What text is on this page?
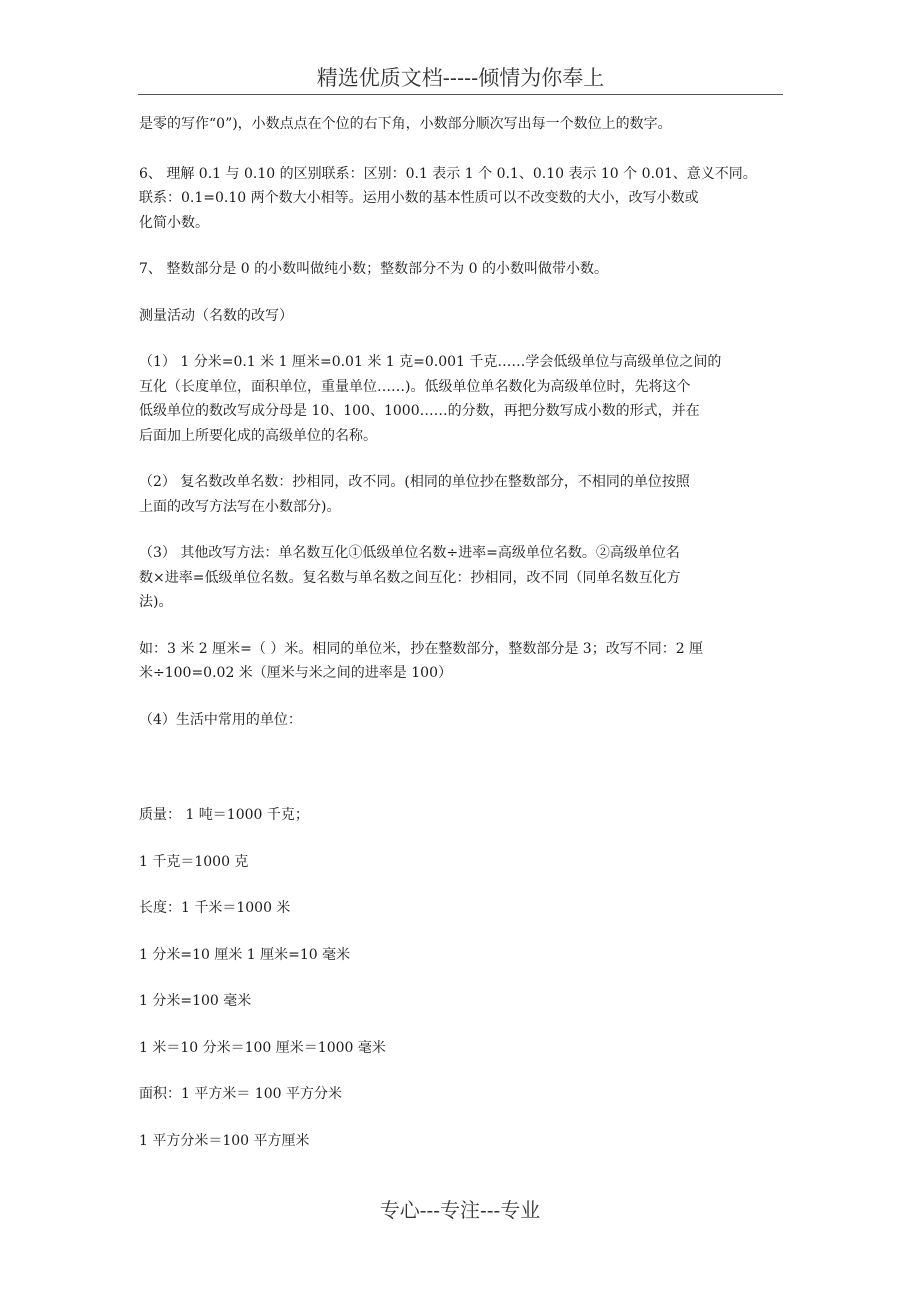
精选优质文档-----倾情为你奉上

是零的写作“0”)，小数点点在个位的右下角，小数部分顺次写出每一个数位上的数字。

6、 理解 0.1 与 0.10 的区别联系：区别：0.1 表示 1 个 0.1、0.10 表示 10 个 0.01、意义不同。

联系：0.1=0.10 两个数大小相等。运用小数的基本性质可以不改变数的大小，改写小数或

化简小数。

7、 整数部分是 0 的小数叫做纯小数；整数部分不为 0 的小数叫做带小数。

测量活动（名数的改写）

（1） 1 分米=0.1 米 1 厘米=0.01 米 1 克=0.001 千克……学会低级单位与高级单位之间的

互化（长度单位，面积单位，重量单位……)。低级单位单名数化为高级单位时，先将这个

低级单位的数改写成分母是 10、100、1000……的分数，再把分数写成小数的形式，并在

后面加上所要化成的高级单位的名称。

（2） 复名数改单名数：抄相同，改不同。(相同的单位抄在整数部分，不相同的单位按照

上面的改写方法写在小数部分)。

（3） 其他改写方法：单名数互化①低级单位名数÷进率=高级单位名数。②高级单位名

数×进率=低级单位名数。复名数与单名数之间互化：抄相同，改不同（同单名数互化方

法)。

如：3 米 2 厘米=（ ）米。相同的单位米，抄在整数部分，整数部分是 3；改写不同：2 厘

米÷100=0.02 米（厘米与米之间的进率是 100）

（4）生活中常用的单位：

质量： 1 吨＝1000 千克；

1 千克＝1000 克

长度：1 千米＝1000 米

1 分米=10 厘米 1 厘米=10 毫米

1 分米=100 毫米

1 米＝10 分米＝100 厘米＝1000 毫米

面积：1 平方米＝ 100 平方分米

1 平方分米＝100 平方厘米

专心---专注---专业
